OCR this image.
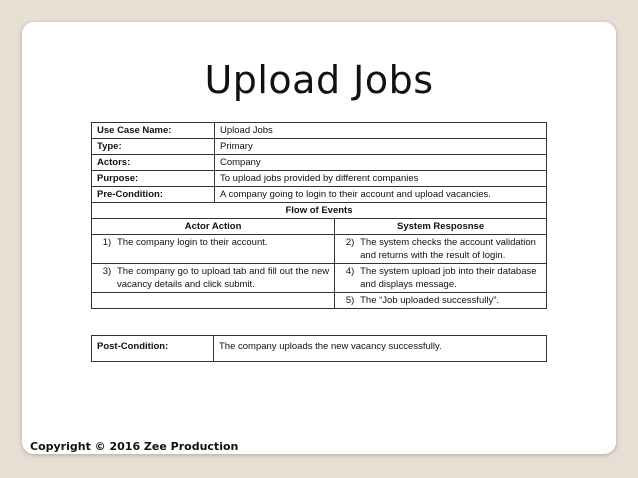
Upload Jobs
Use Case Name:	Upload Jobs	
Type:	Primary	
Actors:	Company	
Purpose:	To upload jobs provided by different companies	
Pre-Condition:	A company going to login to their account and upload vacancies.	
Flow of Events		
Actor Action		System Resposnse

1) The company login to their account.		2) The system checks the account validation and returns with the result of login.

3) The company go to upload tab and fill out the new vacancy details and click submit.		4) The system upload job into their database and displays message.

		5) The “Job uploaded successfully”.
Post-Condition:	The company uploads the new vacancy successfully.
Copyright © 2016 Zee Production
